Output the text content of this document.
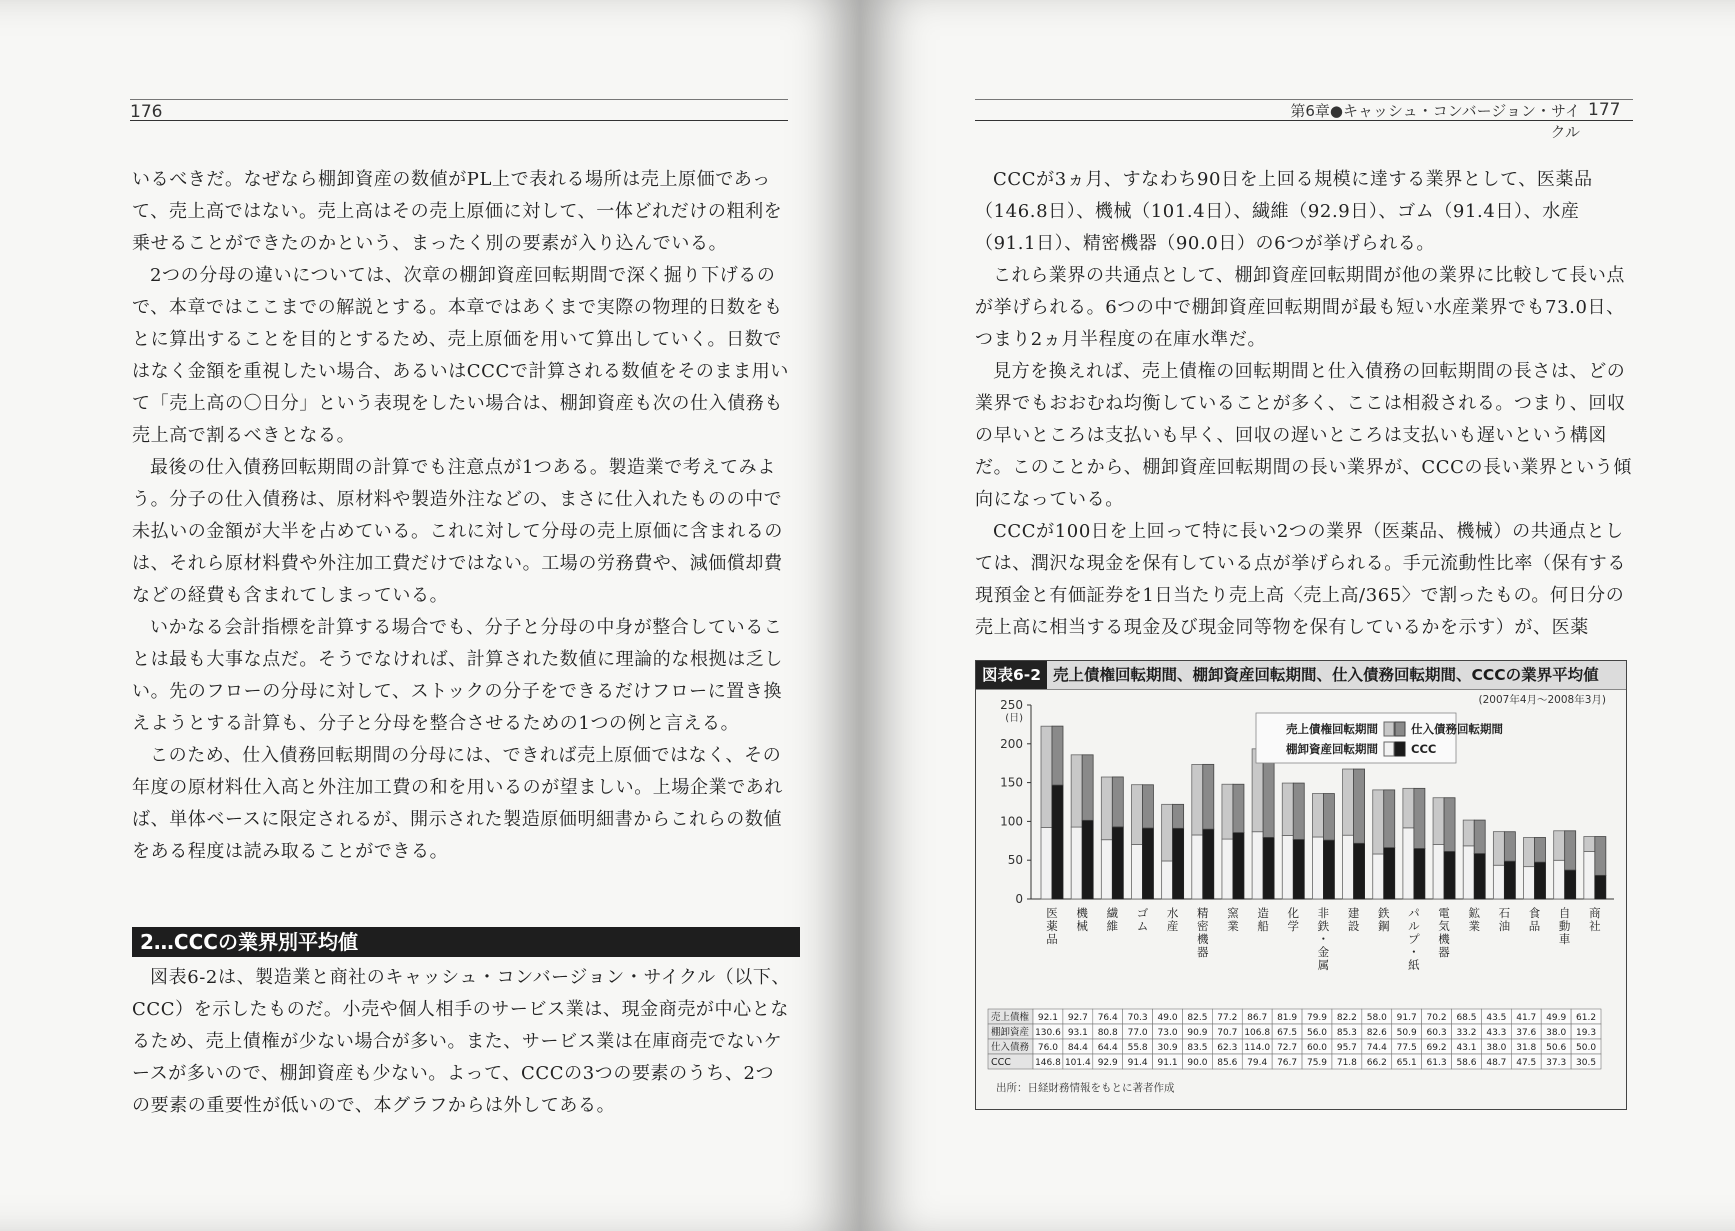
176

いるべきだ。なぜなら棚卸資産の数値がPL上で表れる場所は売上原価であって、売上高ではない。売上高はその売上原価に対して、一体どれだけの粗利を乗せることができたのかという、まったく別の要素が入り込んでいる。

2つの分母の違いについては、次章の棚卸資産回転期間で深く掘り下げるので、本章ではここまでの解説とする。本章ではあくまで実際の物理的日数をもとに算出することを目的とするため、売上原価を用いて算出していく。日数ではなく金額を重視したい場合、あるいはCCCで計算される数値をそのまま用いて「売上高の〇日分」という表現をしたい場合は、棚卸資産も次の仕入債務も売上高で割るべきとなる。

最後の仕入債務回転期間の計算でも注意点が1つある。製造業で考えてみよう。分子の仕入債務は、原材料や製造外注などの、まさに仕入れたものの中で未払いの金額が大半を占めている。これに対して分母の売上原価に含まれるのは、それら原材料費や外注加工費だけではない。工場の労務費や、減価償却費などの経費も含まれてしまっている。

いかなる会計指標を計算する場合でも、分子と分母の中身が整合していることは最も大事な点だ。そうでなければ、計算された数値に理論的な根拠は乏しい。先のフローの分母に対して、ストックの分子をできるだけフローに置き換えようとする計算も、分子と分母を整合させるための1つの例と言える。

このため、仕入債務回転期間の分母には、できれば売上原価ではなく、その年度の原材料仕入高と外注加工費の和を用いるのが望ましい。上場企業であれば、単体ベースに限定されるが、開示された製造原価明細書からこれらの数値をある程度は読み取ることができる。

2…CCCの業界別平均値

図表6-2は、製造業と商社のキャッシュ・コンバージョン・サイクル（以下、CCC）を示したものだ。小売や個人相手のサービス業は、現金商売が中心となるため、売上債権が少ない場合が多い。また、サービス業は在庫商売でないケースが多いので、棚卸資産も少ない。よって、CCCの3つの要素のうち、2つの要素の重要性が低いので、本グラフからは外してある。

第6章●キャッシュ・コンバージョン・サイクル
177

CCCが3ヵ月、すなわち90日を上回る規模に達する業界として、医薬品（146.8日）、機械（101.4日）、繊維（92.9日）、ゴム（91.4日）、水産（91.1日）、精密機器（90.0日）の6つが挙げられる。

これら業界の共通点として、棚卸資産回転期間が他の業界に比較して長い点が挙げられる。6つの中で棚卸資産回転期間が最も短い水産業界でも73.0日、つまり2ヵ月半程度の在庫水準だ。

見方を換えれば、売上債権の回転期間と仕入債務の回転期間の長さは、どの業界でもおおむね均衡していることが多く、ここは相殺される。つまり、回収の早いところは支払いも早く、回収の遅いところは支払いも遅いという構図だ。このことから、棚卸資産回転期間の長い業界が、CCCの長い業界という傾向になっている。

CCCが100日を上回って特に長い2つの業界（医薬品、機械）の共通点としては、潤沢な現金を保有している点が挙げられる。手元流動性比率（保有する現預金と有価証券を1日当たり売上高〈売上高/365〉で割ったもの。何日分の売上高に相当する現金及び現金同等物を保有しているかを示す）が、医薬

図表6-2 売上債権回転期間、棚卸資産回転期間、仕入債務回転期間、CCCの業界平均値
0
50
100
150
200
250
(日)
(2007年4月～2008年3月)
医
薬
品
機
械
繊
維
ゴ
ム
水
産
精
密
機
器
窯
業
造
船
化
学
非
鉄
・
金
属
建
設
鉄
鋼
パ
ル
プ
・
紙
電
気
機
器
鉱
業
石
油
食
品
自
動
車
商
社
売上債権回転期間	仕入債務回転期間
棚卸資産回転期間	CCC
売上債権 92.1 92.7 76.4 70.3 49.0 82.5 77.2 86.7 81.9 79.9 82.2 58.0 91.7 70.2 68.5 43.5 41.7 49.9 61.2
棚卸資産 130.6 93.1 80.8 77.0 73.0 90.9 70.7 106.8 67.5 56.0 85.3 82.6 50.9 60.3 33.2 43.3 37.6 38.0 19.3
仕入債務 76.0 84.4 64.4 55.8 30.9 83.5 62.3 114.0 72.7 60.0 95.7 74.4 77.5 69.2 43.1 38.0 31.8 50.6 50.0
CCC	146.8 101.4 92.9 91.4 91.1 90.0 85.6 79.4 76.7 75.9 71.8 66.2 65.1 61.3 58.6 48.7 47.5 37.3 30.5
出所：日経財務情報をもとに著者作成
